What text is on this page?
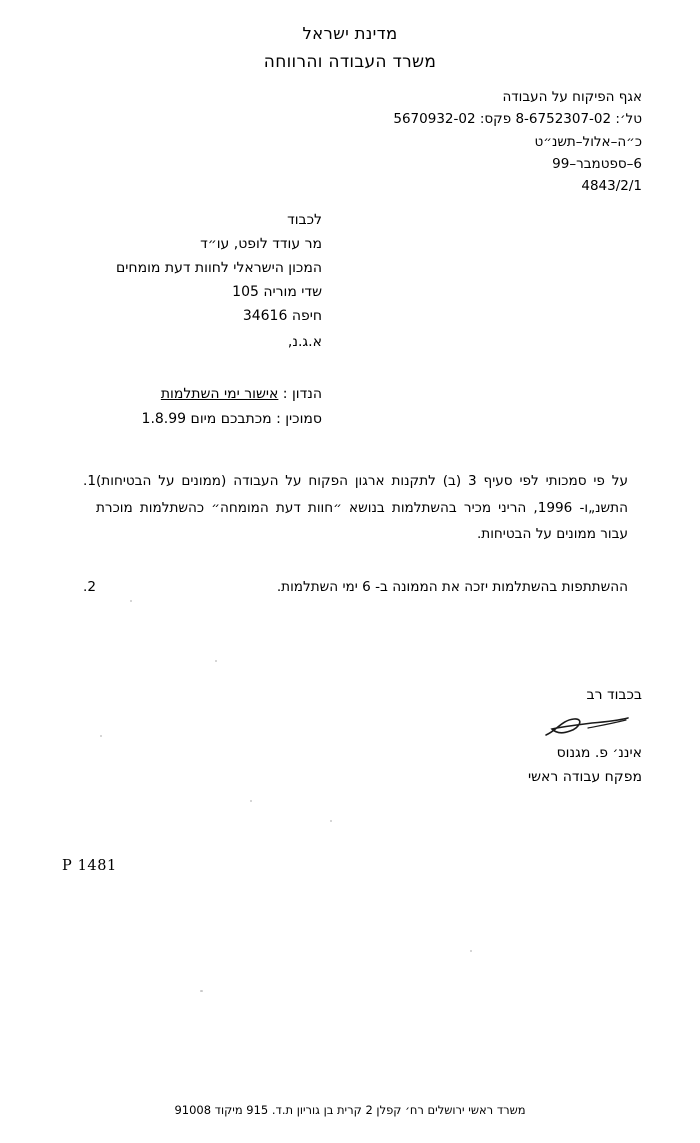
מדינת ישראל
משרד העבודה והרווחה
אגף הפיקוח על העבודה
טל׳: 8-6752307-02 פקס: 5670932-02
כ״ה–אלול–תשנ״ט
6–ספטמבר–99
4843/2/1
לכבוד
מר עודד לופט, עו״ד
המכון הישראלי לחוות דעת מומחים
שדי מוריה 105
חיפה 34616
א.ג.נ,
הנדון : אישור ימי השתלמות
סמוכין : מכתבכם מיום 1.8.99
על פי סמכותי לפי סעיף 3 (ב) לתקנות ארגון הפקוח על העבודה (ממונים על הבטיחות) התשנ„ו- 1996, הריני מכיר בהשתלמות בנושא ״חוות דעת המומחה״ כהשתלמות מוכרת עבור ממונים על הבטיחות.
1.
ההשתתפות בהשתלמות יזכה את הממונה ב- 6 ימי השתלמות.
2.
בכבוד רב
איננ׳ פ. מגנוס
מפקח עבודה ראשי
P 1481
משרד ראשי ירושלים רח׳ קפלן 2 קרית בן גוריון ת.ד. 915 מיקוד 91008
